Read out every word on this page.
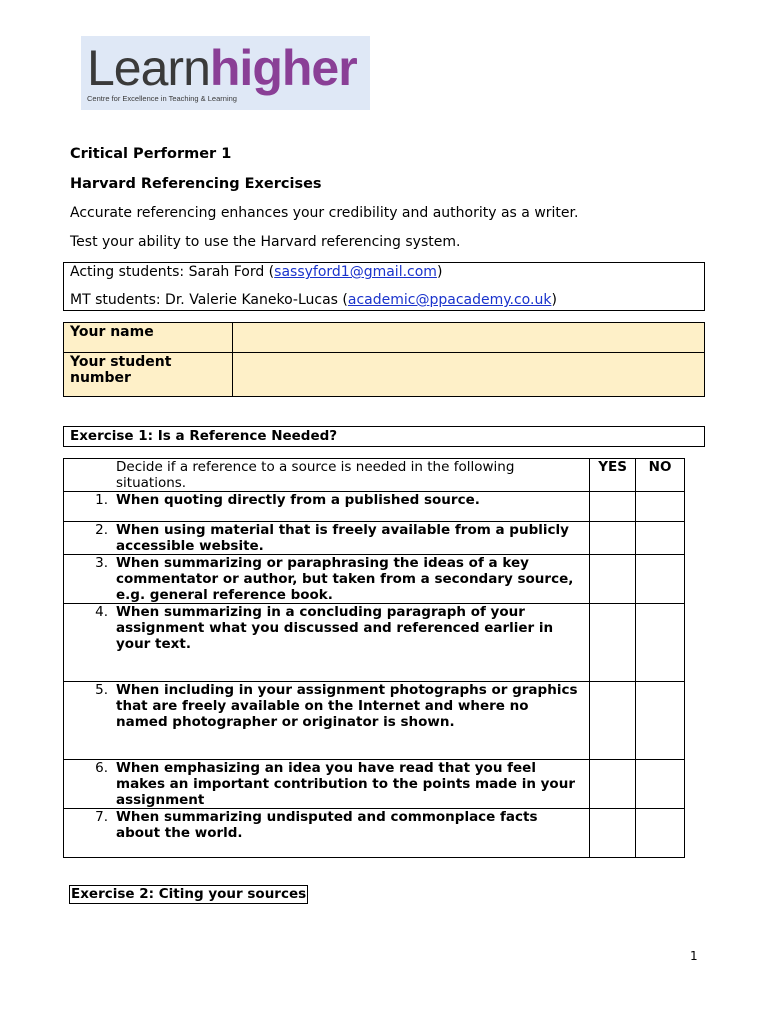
Learnhigher
Centre for Excellence in Teaching & Learning
Critical Performer 1
Harvard Referencing Exercises
Accurate referencing enhances your credibility and authority as a writer.
Test your ability to use the Harvard referencing system.
Acting students: Sarah Ford (sassyford1@gmail.com)
MT students: Dr. Valerie Kaneko-Lucas (academic@ppacademy.co.uk)
Your name	
Your student number	
Exercise 1: Is a Reference Needed?
Decide if a reference to a source is needed in the following situations.	YES	NO

1. When quoting directly from a published source.		

2. When using material that is freely available from a publicly accessible website.		

3. When summarizing or paraphrasing the ideas of a key commentator or author, but taken from a secondary source, e.g. general reference book.		

4. When summarizing in a concluding paragraph of your assignment what you discussed and referenced earlier in your text.		

5. When including in your assignment photographs or graphics that are freely available on the Internet and where no named photographer or originator is shown.		

6. When emphasizing an idea you have read that you feel makes an important contribution to the points made in your assignment		

7. When summarizing undisputed and commonplace facts about the world.		

Exercise 2: Citing your sources
1
